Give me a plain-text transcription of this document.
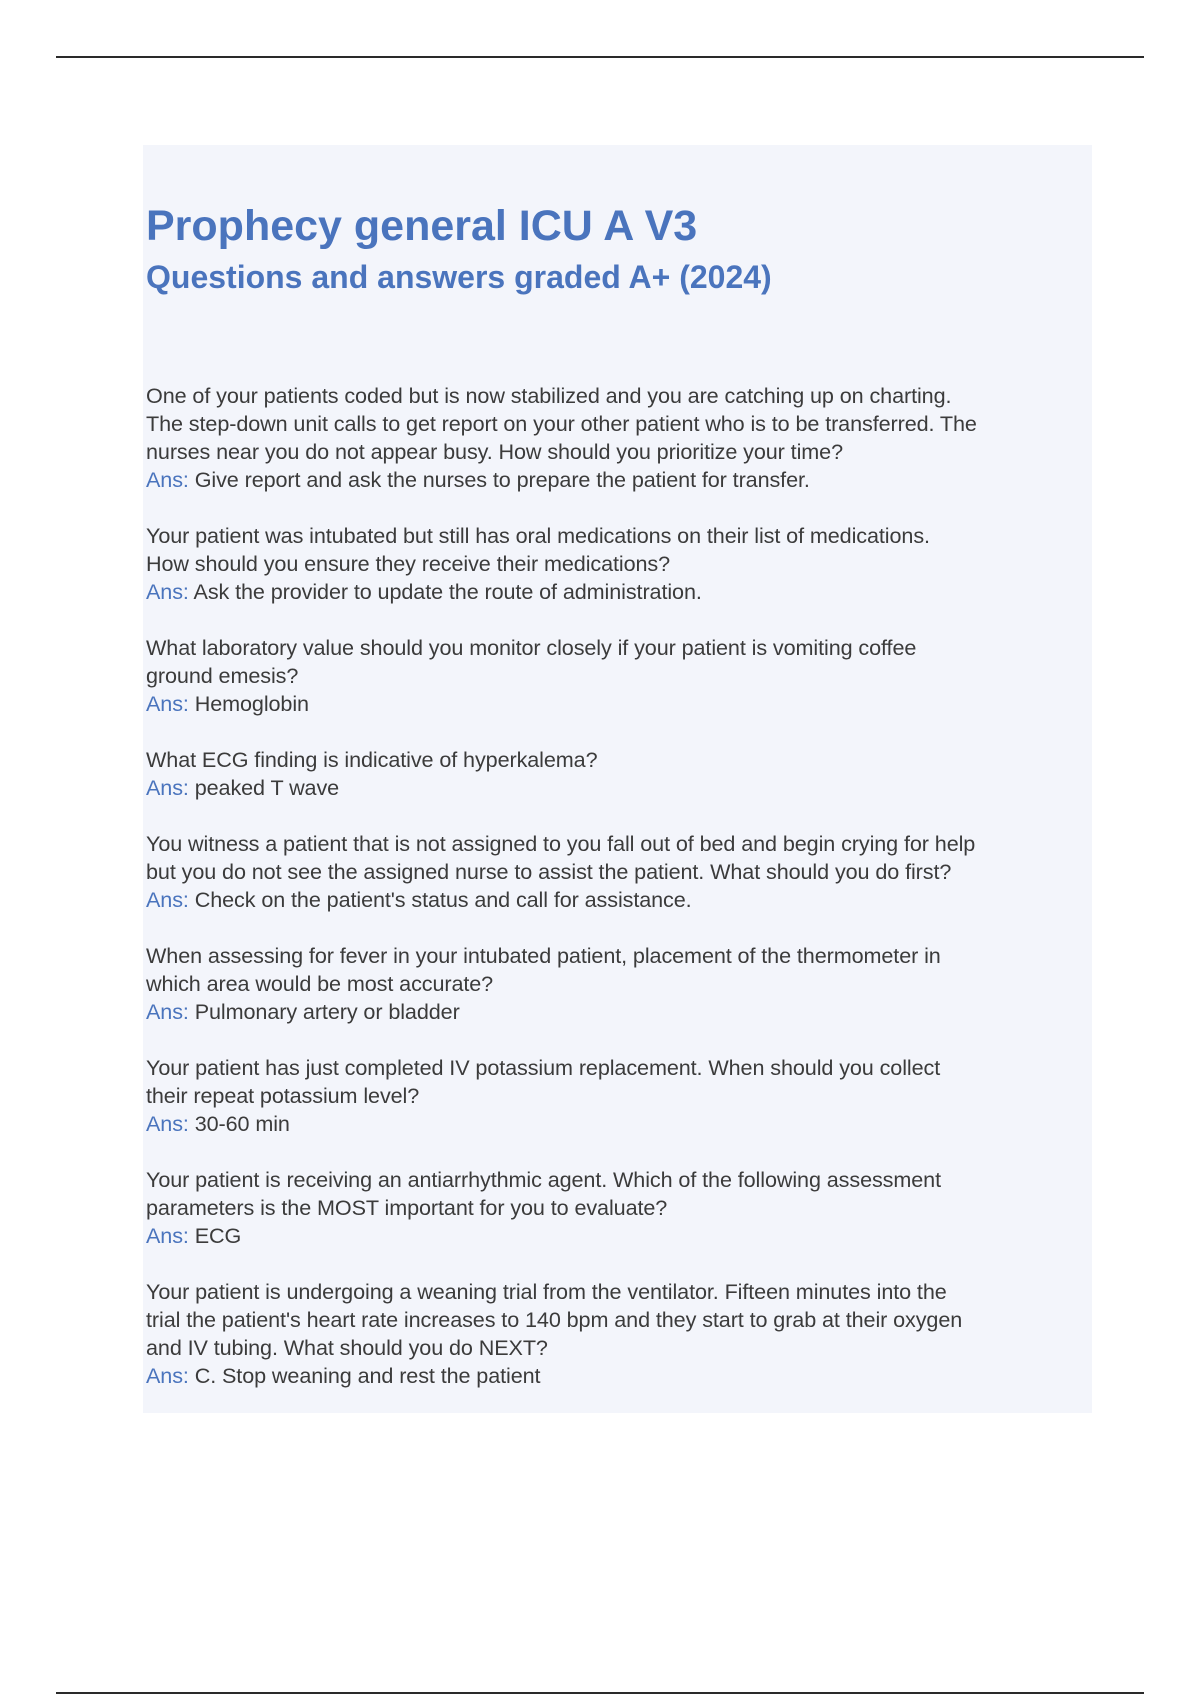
Prophecy general ICU A V3
Questions and answers graded A+ (2024)

One of your patients coded but is now stabilized and you are catching up on charting.
The step-down unit calls to get report on your other patient who is to be transferred. The
nurses near you do not appear busy. How should you prioritize your time?

Ans: Give report and ask the nurses to prepare the patient for transfer.

Your patient was intubated but still has oral medications on their list of medications.
How should you ensure they receive their medications?

Ans: Ask the provider to update the route of administration.

What laboratory value should you monitor closely if your patient is vomiting coffee
ground emesis?

Ans: Hemoglobin

What ECG finding is indicative of hyperkalema?

Ans: peaked T wave

You witness a patient that is not assigned to you fall out of bed and begin crying for help
but you do not see the assigned nurse to assist the patient. What should you do first?

Ans: Check on the patient's status and call for assistance.

When assessing for fever in your intubated patient, placement of the thermometer in
which area would be most accurate?

Ans: Pulmonary artery or bladder

Your patient has just completed IV potassium replacement. When should you collect
their repeat potassium level?

Ans: 30-60 min

Your patient is receiving an antiarrhythmic agent. Which of the following assessment
parameters is the MOST important for you to evaluate?

Ans: ECG

Your patient is undergoing a weaning trial from the ventilator. Fifteen minutes into the
trial the patient's heart rate increases to 140 bpm and they start to grab at their oxygen
and IV tubing. What should you do NEXT?

Ans: C. Stop weaning and rest the patient
